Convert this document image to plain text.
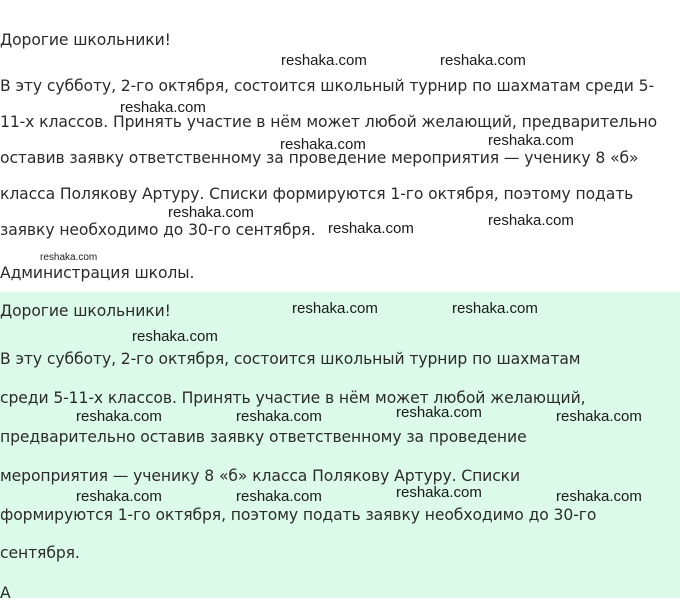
Дорогие школьники!

В эту субботу, 2-го октября, состоится школьный турнир по шахматам среди 5-

11-х классов. Принять участие в нём может любой желающий, предварительно

оставив заявку ответственному за проведение мероприятия — ученику 8 «б»

класса Полякову Артуру. Списки формируются 1-го октября, поэтому подать

заявку необходимо до 30-го сентября.

Администрация школы.

Дорогие школьники!

В эту субботу, 2-го октября, состоится школьный турнир по шахматам

среди 5-11-х классов. Принять участие в нём может любой желающий,

предварительно оставив заявку ответственному за проведение

мероприятия — ученику 8 «б» класса Полякову Артуру. Списки

формируются 1-го октября, поэтому подать заявку необходимо до 30-го

сентября.

А

reshaka.com	reshaka.com
reshaka.com
reshaka.com
reshaka.com
reshaka.com	reshaka.com
reshaka.com
reshaka.com
reshaka.com	reshaka.com
reshaka.com
reshaka.com	reshaka.com	reshaka.com	reshaka.com
reshaka.com	reshaka.com	reshaka.com	reshaka.com
